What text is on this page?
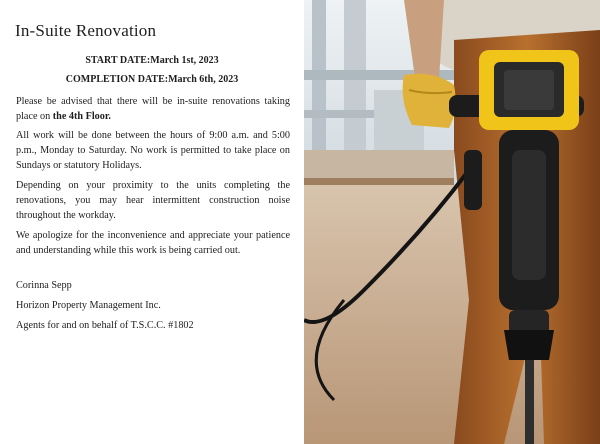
In-Suite Renovation
START DATE:March 1st, 2023
COMPLETION DATE:March 6th, 2023

Please be advised that there will be in-suite renovations taking place on the 4th Floor.

All work will be done between the hours of 9:00 a.m. and 5:00 p.m., Monday to Saturday. No work is permitted to take place on Sundays or statutory Holidays.

Depending on your proximity to the units completing the renovations, you may hear intermittent construction noise throughout the workday.

We apologize for the inconvenience and appreciate your patience and understanding while this work is being carried out.

Corinna Sepp
Horizon Property Management Inc.
Agents for and on behalf of T.S.C.C. #1802
